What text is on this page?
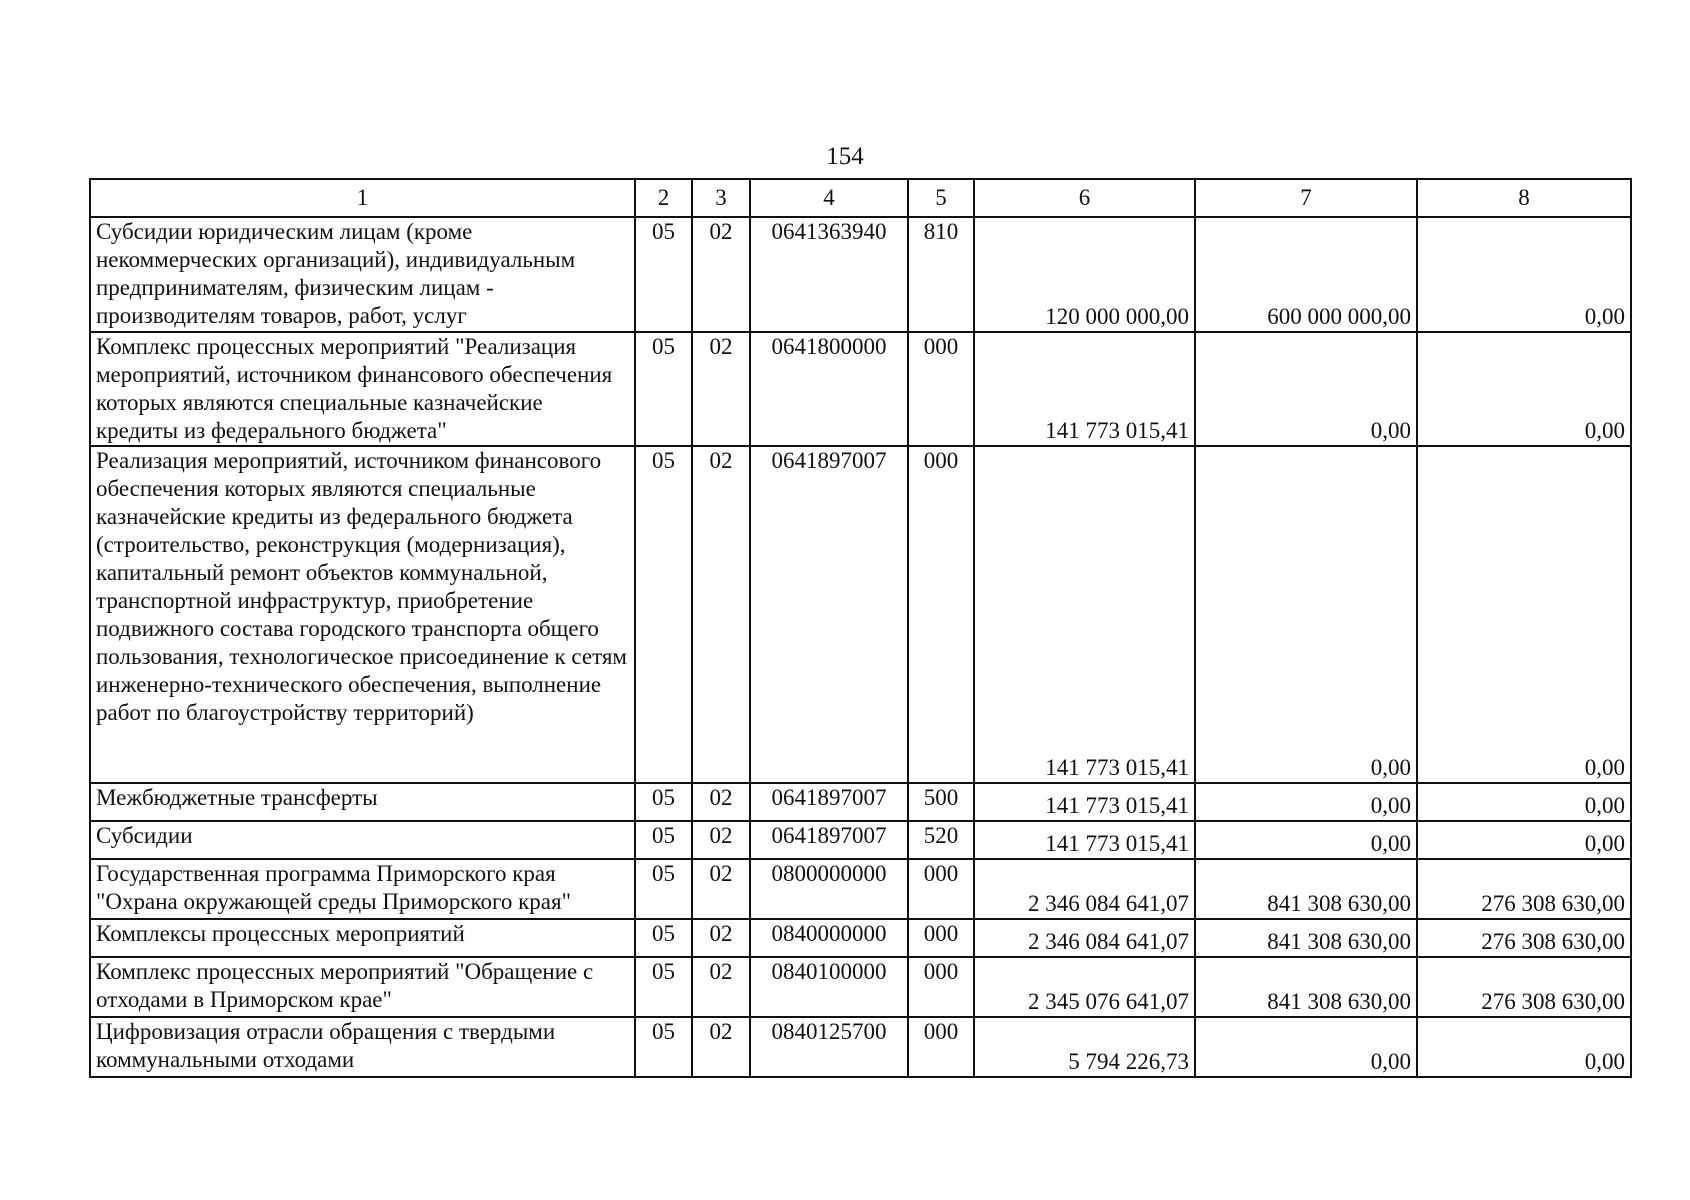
154
1	2	3	4	5	6	7	8
Субсидии юридическим лицам (кроме некоммерческих организаций), индивидуальным предпринимателям, физическим лицам - производителям товаров, работ, услуг	05	02	0641363940	810	120 000 000,00	600 000 000,00	0,00
Комплекс процессных мероприятий "Реализация мероприятий, источником финансового обеспечения которых являются специальные казначейские кредиты из федерального бюджета"	05	02	0641800000	000	141 773 015,41	0,00	0,00
Реализация мероприятий, источником финансового обеспечения которых являются специальные казначейские кредиты из федерального бюджета (строительство, реконструкция (модернизация), капитальный ремонт объектов коммунальной, транспортной инфраструктур, приобретение подвижного состава городского транспорта общего пользования, технологическое присоединение к сетям инженерно-технического обеспечения, выполнение работ по благоустройству территорий)	05	02	0641897007	000	141 773 015,41	0,00	0,00
Межбюджетные трансферты	05	02	0641897007	500	141 773 015,41	0,00	0,00
Субсидии	05	02	0641897007	520	141 773 015,41	0,00	0,00
Государственная программа Приморского края "Охрана окружающей среды Приморского края"	05	02	0800000000	000	2 346 084 641,07	841 308 630,00	276 308 630,00
Комплексы процессных мероприятий	05	02	0840000000	000	2 346 084 641,07	841 308 630,00	276 308 630,00
Комплекс процессных мероприятий "Обращение с отходами в Приморском крае"	05	02	0840100000	000	2 345 076 641,07	841 308 630,00	276 308 630,00
Цифровизация отрасли обращения с твердыми коммунальными отходами	05	02	0840125700	000	5 794 226,73	0,00	0,00
